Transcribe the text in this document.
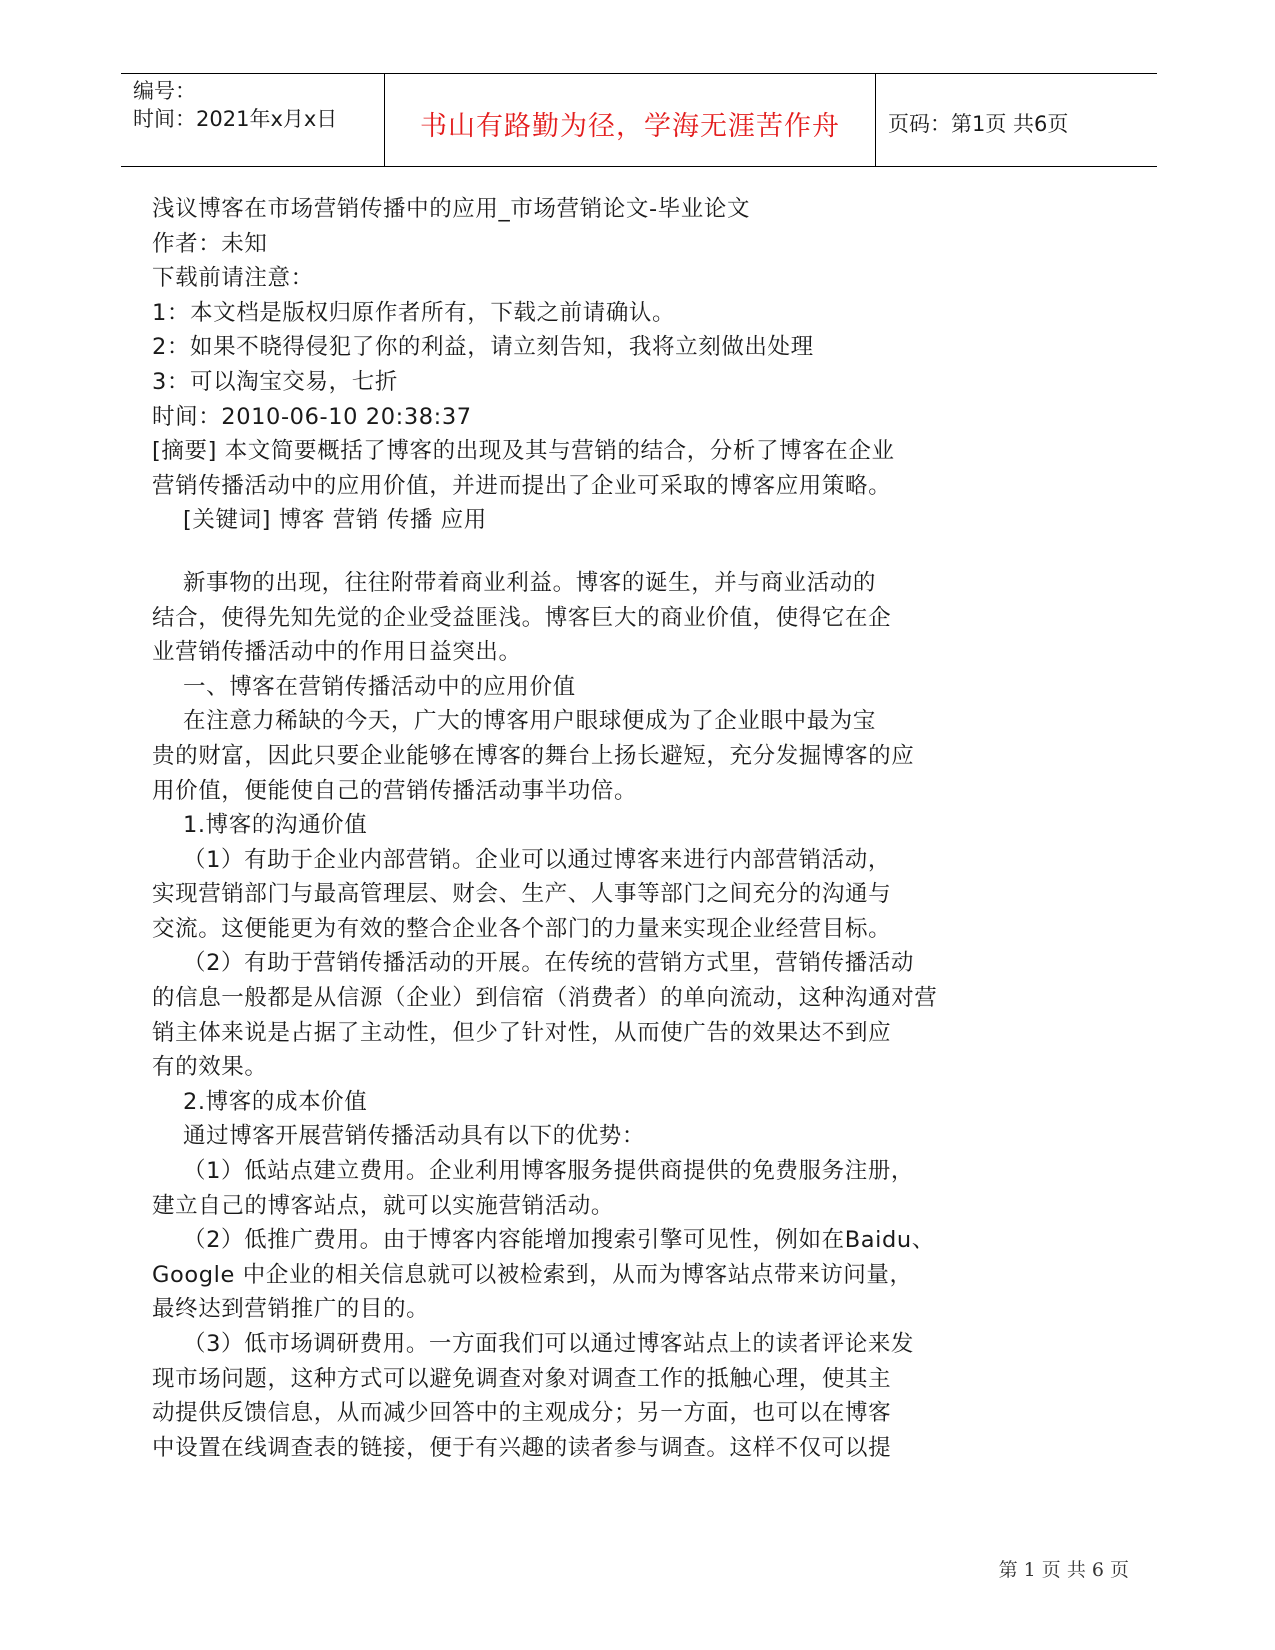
编号：
时间：2021年x月x日	书山有路勤为径，学海无涯苦作舟	页码：第1页 共6页
浅议博客在市场营销传播中的应用_市场营销论文-毕业论文
作者：未知
下载前请注意：
1：本文档是版权归原作者所有，下载之前请确认。
2：如果不晓得侵犯了你的利益，请立刻告知，我将立刻做出处理
3：可以淘宝交易，七折
时间：2010-06-10 20:38:37
[摘要] 本文简要概括了博客的出现及其与营销的结合，分析了博客在企业
营销传播活动中的应用价值，并进而提出了企业可采取的博客应用策略。
[关键词] 博客 营销 传播 应用
新事物的出现，往往附带着商业利益。博客的诞生，并与商业活动的
结合，使得先知先觉的企业受益匪浅。博客巨大的商业价值，使得它在企
业营销传播活动中的作用日益突出。
一、博客在营销传播活动中的应用价值
在注意力稀缺的今天，广大的博客用户眼球便成为了企业眼中最为宝
贵的财富，因此只要企业能够在博客的舞台上扬长避短，充分发掘博客的应
用价值，便能使自己的营销传播活动事半功倍。
1.博客的沟通价值
（1）有助于企业内部营销。企业可以通过博客来进行内部营销活动，
实现营销部门与最高管理层、财会、生产、人事等部门之间充分的沟通与
交流。这便能更为有效的整合企业各个部门的力量来实现企业经营目标。
（2）有助于营销传播活动的开展。在传统的营销方式里，营销传播活动
的信息一般都是从信源（企业）到信宿（消费者）的单向流动，这种沟通对营
销主体来说是占据了主动性，但少了针对性，从而使广告的效果达不到应
有的效果。
2.博客的成本价值
通过博客开展营销传播活动具有以下的优势：
（1）低站点建立费用。企业利用博客服务提供商提供的免费服务注册，
建立自己的博客站点，就可以实施营销活动。
（2）低推广费用。由于博客内容能增加搜索引擎可见性，例如在Baidu、
Google 中企业的相关信息就可以被检索到，从而为博客站点带来访问量，
最终达到营销推广的目的。
（3）低市场调研费用。一方面我们可以通过博客站点上的读者评论来发
现市场问题，这种方式可以避免调查对象对调查工作的抵触心理，使其主
动提供反馈信息，从而减少回答中的主观成分；另一方面，也可以在博客
中设置在线调查表的链接，便于有兴趣的读者参与调查。这样不仅可以提
第 1 页 共 6 页
